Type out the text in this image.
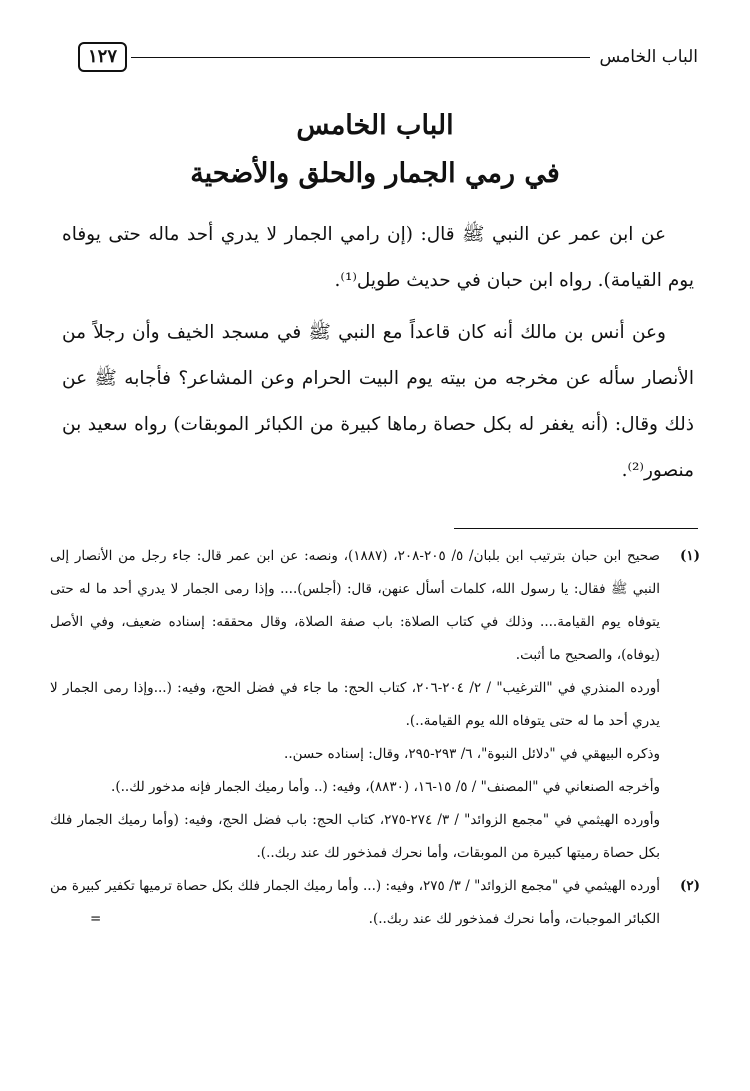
الباب الخامس
١٢٧
الباب الخامس
في رمي الجمار والحلق والأضحية

عن ابن عمر عن النبي ﷺ قال: (إن رامي الجمار لا يدري أحد ماله حتى يوفاه يوم القيامة). رواه ابن حبان في حديث طويل⁽¹⁾.

وعن أنس بن مالك أنه كان قاعداً مع النبي ﷺ في مسجد الخيف وأن رجلاً من الأنصار سأله عن مخرجه من بيته يوم البيت الحرام وعن المشاعر؟ فأجابه ﷺ عن ذلك وقال: (أنه يغفر له بكل حصاة رماها كبيرة من الكبائر الموبقات) رواه سعيد بن منصور⁽²⁾.

(١)

صحيح ابن حبان بترتيب ابن بلبان/ ٥/ ٢٠٥-٢٠٨، (١٨٨٧)، ونصه: عن ابن عمر قال: جاء رجل من الأنصار إلى النبي ﷺ فقال: يا رسول الله، كلمات أسأل عنهن، قال: (أجلس).... وإذا رمى الجمار لا يدري أحد ما له حتى يتوفاه يوم القيامة.... وذلك في كتاب الصلاة: باب صفة الصلاة، وقال محققه: إسناده ضعيف، وفي الأصل (يوفاه)، والصحيح ما أثبت.

أورده المنذري في "الترغيب" / ٢/ ٢٠٤-٢٠٦، كتاب الحج: ما جاء في فضل الحج، وفيه: (...وإذا رمى الجمار لا يدري أحد ما له حتى يتوفاه الله يوم القيامة..).

وذكره البيهقي في "دلائل النبوة"، ٦/ ٢٩٣-٢٩٥، وقال: إسناده حسن..

وأخرجه الصنعاني في "المصنف" / ٥/ ١٥-١٦، (٨٨٣٠)، وفيه: (.. وأما رميك الجمار فإنه مدخور لك..).

وأورده الهيثمي في "مجمع الزوائد" / ٣/ ٢٧٤-٢٧٥، كتاب الحج: باب فضل الحج، وفيه: (وأما رميك الجمار فلك بكل حصاة رميتها كبيرة من الموبقات، وأما نحرك فمذخور لك عند ربك..).

(٢)

أورده الهيثمي في "مجمع الزوائد" / ٣/ ٢٧٥، وفيه: (... وأما رميك الجمار فلك بكل حصاة ترميها تكفير كبيرة من الكبائر الموجبات، وأما نحرك فمذخور لك عند ربك..).
=
